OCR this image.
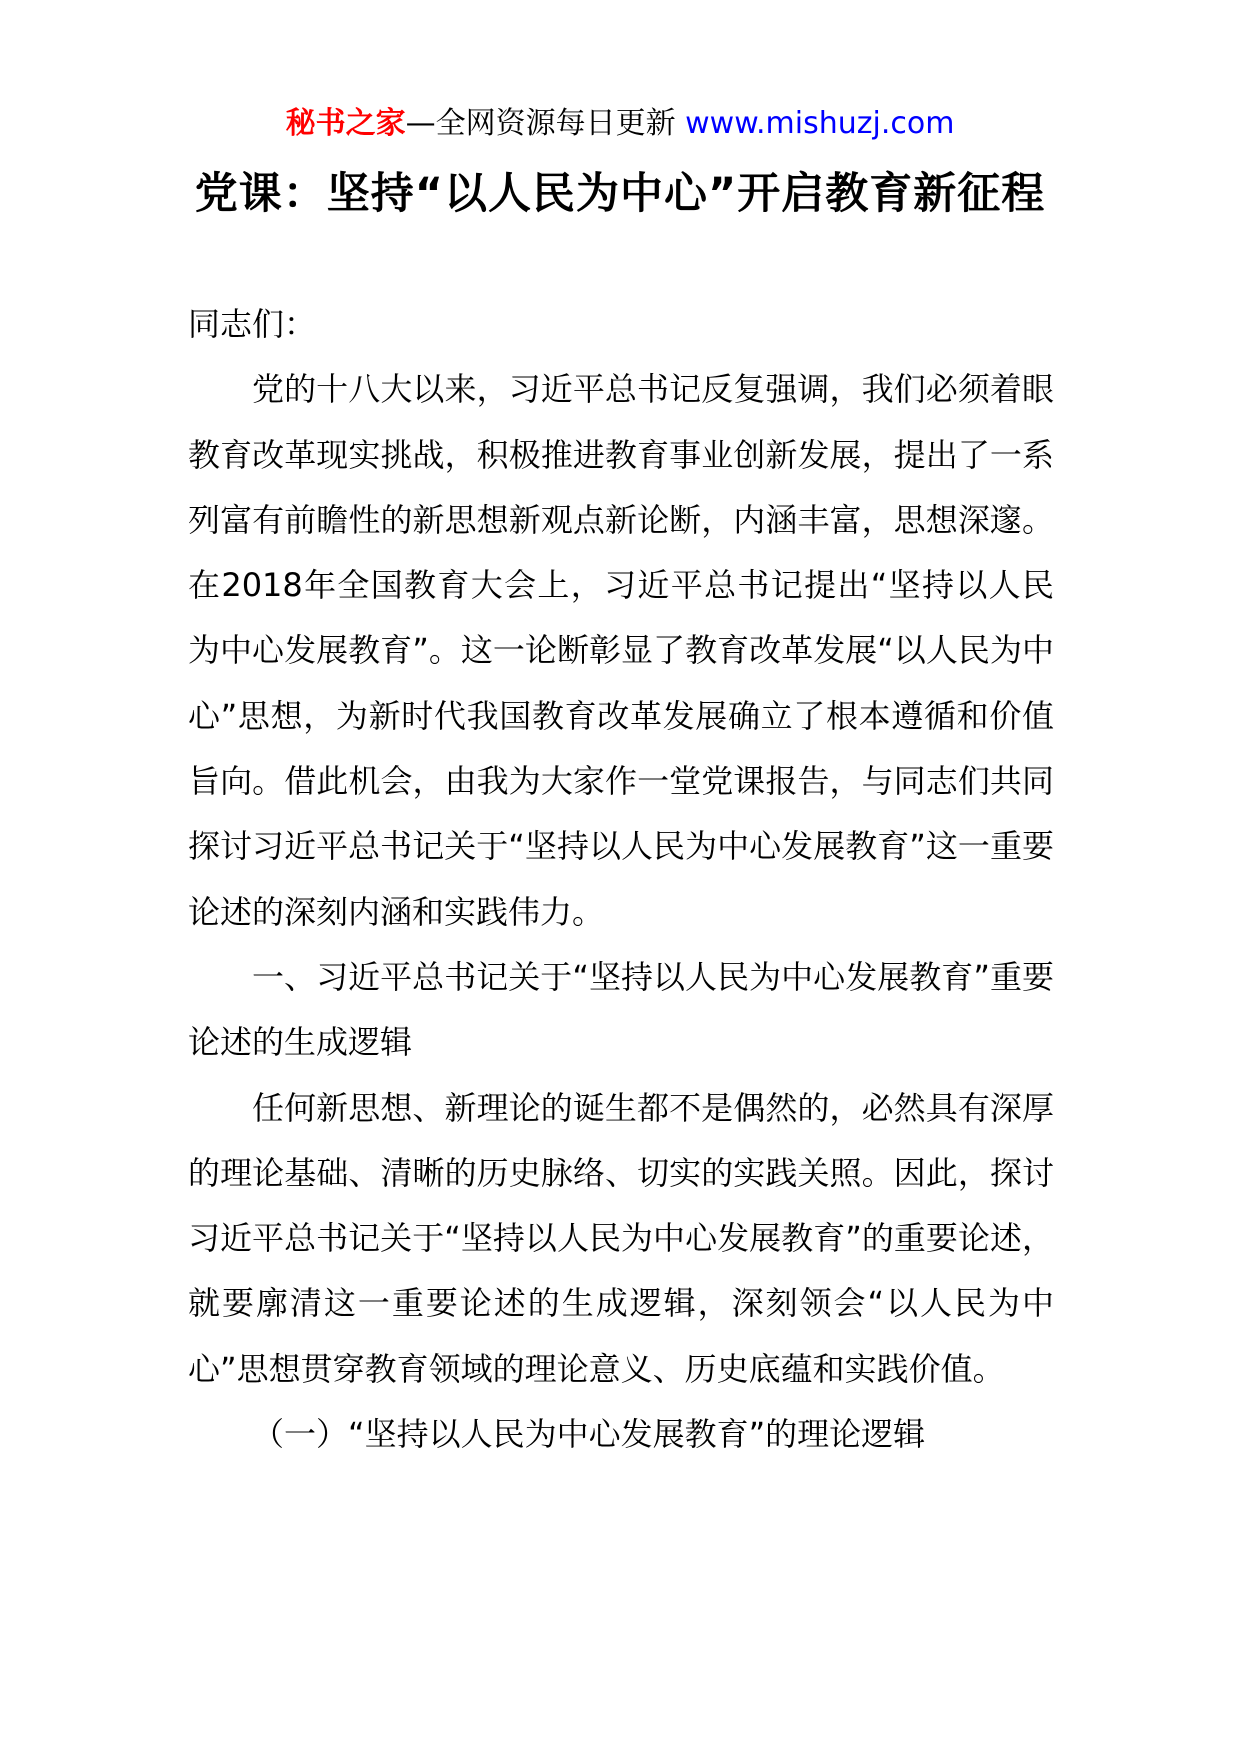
秘书之家—全网资源每日更新 www.mishuzj.com
党课：坚持“以人民为中心”开启教育新征程

同志们：

党的十八大以来，习近平总书记反复强调，我们必须着眼教育改革现实挑战，积极推进教育事业创新发展，提出了一系列富有前瞻性的新思想新观点新论断，内涵丰富，思想深邃。在2018年全国教育大会上，习近平总书记提出“坚持以人民为中心发展教育”。这一论断彰显了教育改革发展“以人民为中心”思想，为新时代我国教育改革发展确立了根本遵循和价值旨向。借此机会，由我为大家作一堂党课报告，与同志们共同探讨习近平总书记关于“坚持以人民为中心发展教育”这一重要论述的深刻内涵和实践伟力。

一、习近平总书记关于“坚持以人民为中心发展教育”重要论述的生成逻辑

任何新思想、新理论的诞生都不是偶然的，必然具有深厚的理论基础、清晰的历史脉络、切实的实践关照。因此，探讨习近平总书记关于“坚持以人民为中心发展教育”的重要论述，就要廓清这一重要论述的生成逻辑，深刻领会“以人民为中心”思想贯穿教育领域的理论意义、历史底蕴和实践价值。

（一）“坚持以人民为中心发展教育”的理论逻辑
